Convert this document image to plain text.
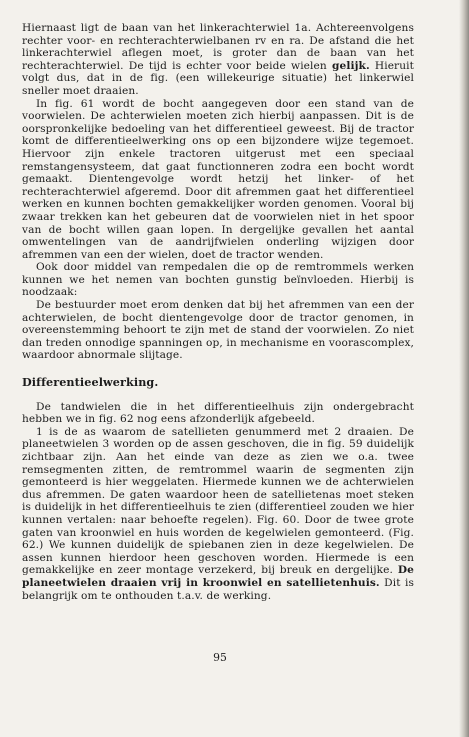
Hiernaast ligt de baan van het linkerachterwiel 1a. Achtereenvolgens rechter voor- en rechterachterwielbanen rv en ra. De afstand die het linkerachterwiel aflegen moet, is groter dan de baan van het rechterachterwiel. De tijd is echter voor beide wielen gelijk. Hieruit volgt dus, dat in de fig. (een willekeurige situatie) het linkerwiel sneller moet draaien.

In fig. 61 wordt de bocht aangegeven door een stand van de voorwielen. De achterwielen moeten zich hierbij aanpassen. Dit is de oorspronkelijke bedoeling van het differentieel geweest. Bij de tractor komt de differentieelwerking ons op een bijzondere wijze tegemoet. Hiervoor zijn enkele tractoren uitgerust met een speciaal remstangensysteem, dat gaat functionneren zodra een bocht wordt gemaakt. Dientengevolge wordt hetzij het linker- of het rechterachterwiel afgeremd. Door dit afremmen gaat het differentieel werken en kunnen bochten gemakkelijker worden genomen. Vooral bij zwaar trekken kan het gebeuren dat de voorwielen niet in het spoor van de bocht willen gaan lopen. In dergelijke gevallen het aantal omwentelingen van de aandrijfwielen onderling wijzigen door afremmen van een der wielen, doet de tractor wenden.

Ook door middel van rempedalen die op de remtrommels werken kunnen we het nemen van bochten gunstig beïnvloeden. Hierbij is noodzaak:

De bestuurder moet erom denken dat bij het afremmen van een der achterwielen, de bocht dientengevolge door de tractor genomen, in overeenstemming behoort te zijn met de stand der voorwielen. Zo niet dan treden onnodige spanningen op, in mechanisme en voorascomplex, waardoor abnormale slijtage.

Differentieelwerking.

De tandwielen die in het differentieelhuis zijn ondergebracht hebben we in fig. 62 nog eens afzonderlijk afgebeeld.

1 is de as waarom de satellieten genummerd met 2 draaien. De planeetwielen 3 worden op de assen geschoven, die in fig. 59 duidelijk zichtbaar zijn. Aan het einde van deze as zien we o.a. twee remsegmenten zitten, de remtrommel waarin de segmenten zijn gemonteerd is hier weggelaten. Hiermede kunnen we de achterwielen dus afremmen. De gaten waardoor heen de satellietenas moet steken is duidelijk in het differentieelhuis te zien (differentieel zouden we hier kunnen vertalen: naar behoefte regelen). Fig. 60. Door de twee grote gaten van kroonwiel en huis worden de kegelwielen gemonteerd. (Fig. 62.) We kunnen duidelijk de spiebanen zien in deze kegelwielen. De assen kunnen hierdoor heen geschoven worden. Hiermede is een gemakkelijke en zeer montage verzekerd, bij breuk en dergelijke. De planeetwielen draaien vrij in kroonwiel en satellietenhuis. Dit is belangrijk om te onthouden t.a.v. de werking.

95
